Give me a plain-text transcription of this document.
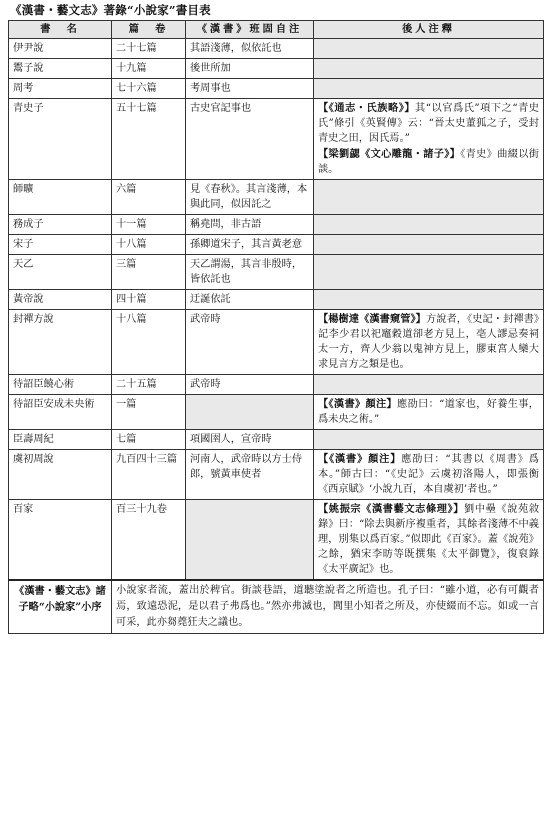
《漢書・藝文志》著錄“小說家”書目表
書　名	篇　卷	《漢書》班固自注	後人注釋
伊尹說	二十七篇	其語淺薄，似依託也	
鬻子說	十九篇	後世所加	
周考	七十六篇	考周事也	
青史子	五十七篇	古史官記事也	【《通志・氏族略》】其“以官爲氏”項下之“青史氏”條引《英賢傳》云：“晉太史董狐之子，受封青史之田，因氏焉。”

【梁劉勰《文心雕龍・諸子》】《青史》曲綴以街談。

師曠	六篇	見《春秋》。其言淺薄，本與此同，似因託之	
務成子	十一篇	稱堯問，非古語	
宋子	十八篇	孫卿道宋子，其言黃老意	
天乙	三篇	天乙謂湯，其言非殷時，皆依託也	
黃帝說	四十篇	迂誕依託	
封禪方說	十八篇	武帝時	【楊樹達《漢書窺管》】方說者，《史記・封禪書》記李少君以祀竈穀道卻老方見上，亳人謬忌奏祠太一方，齊人少翁以鬼神方見上，膠東宮人欒大求見言方之類是也。

待詔臣饒心術	二十五篇	武帝時	
待詔臣安成未央術	一篇		【《漢書》顏注】應劭曰：“道家也，好養生事，爲未央之術。”

臣壽周紀	七篇	項國圉人，宣帝時	
虞初周說	九百四十三篇	河南人，武帝時以方士侍郎，號黃車使者	【《漢書》顏注】應劭曰：“其書以《周書》爲本。”師古曰：“《史記》云虞初洛陽人，即張衡《西京賦》‘小說九百，本自虞初’者也。”

百家	百三十九卷		【姚振宗《漢書藝文志條理》】劉中壘《說苑敘錄》曰：“除去與新序複重者，其餘者淺薄不中義理，別集以爲百家。”似即此《百家》。蓋《說苑》之餘，猶宋李昉等既撰集《太平御覽》，復裒錄《太平廣記》也。

《漢書・藝文志》諸子略“小說家”小序	小說家者流，蓋出於稗官。街談巷語，道聽塗說者之所造也。孔子曰：“雖小道，必有可觀者焉，致遠恐泥，是以君子弗爲也。”然亦弗滅也，閭里小知者之所及，亦使綴而不忘。如或一言可采，此亦芻蕘狂夫之議也。		
